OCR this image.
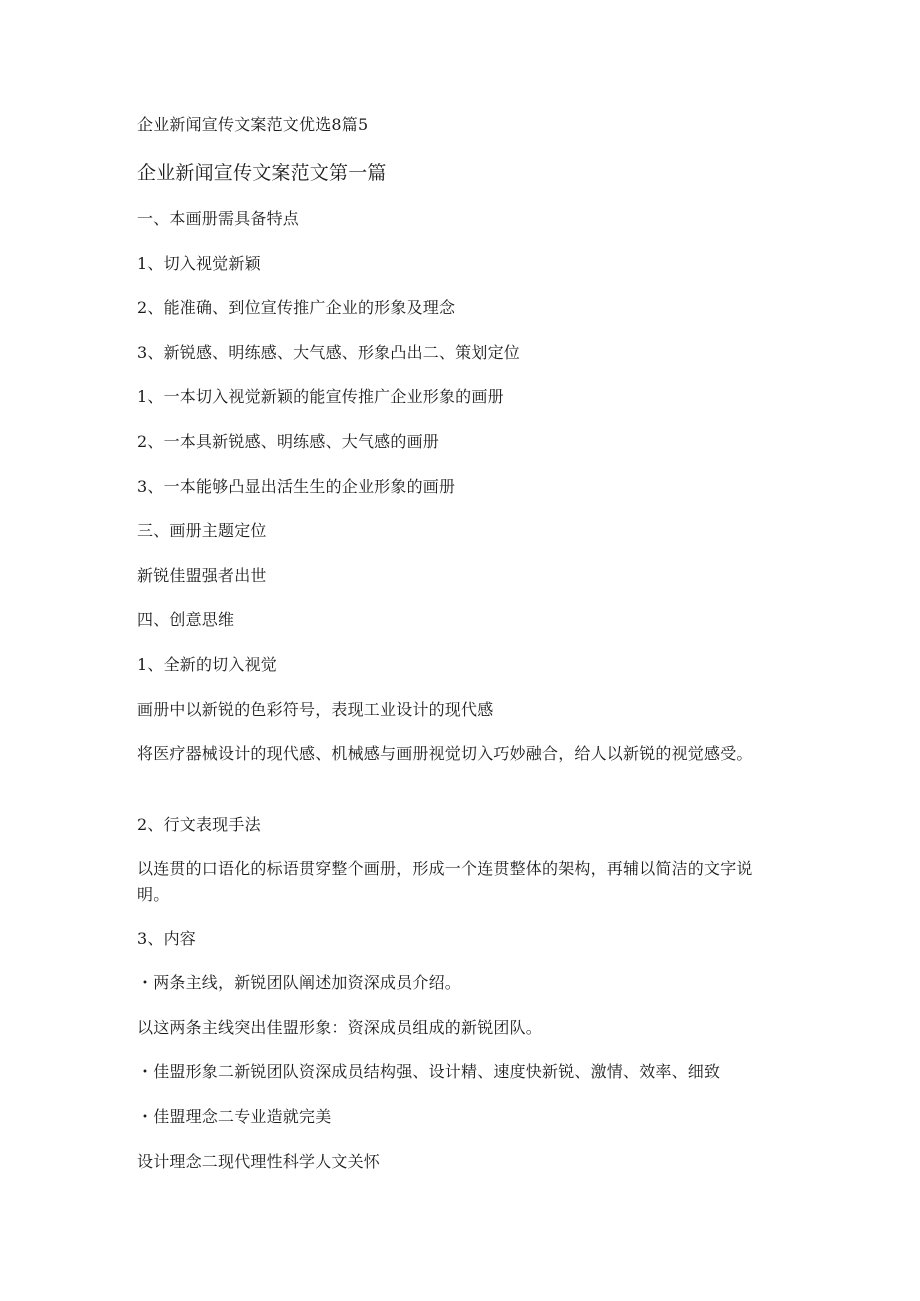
企业新闻宣传文案范文优选8篇5
企业新闻宣传文案范文第一篇
一、本画册需具备特点
1、切入视觉新颖
2、能准确、到位宣传推广企业的形象及理念
3、新锐感、明练感、大气感、形象凸出二、策划定位
1、一本切入视觉新颖的能宣传推广企业形象的画册
2、一本具新锐感、明练感、大气感的画册
3、一本能够凸显出活生生的企业形象的画册
三、画册主题定位
新锐佳盟强者出世
四、创意思维
1、全新的切入视觉
画册中以新锐的色彩符号，表现工业设计的现代感
将医疗器械设计的现代感、机械感与画册视觉切入巧妙融合，给人以新锐的视觉感受。
2、行文表现手法
以连贯的口语化的标语贯穿整个画册，形成一个连贯整体的架构，再辅以简洁的文字说明。
3、内容
・两条主线，新锐团队阐述加资深成员介绍。
以这两条主线突出佳盟形象：资深成员组成的新锐团队。
・佳盟形象二新锐团队资深成员结构强、设计精、速度快新锐、激情、效率、细致
・佳盟理念二专业造就完美
设计理念二现代理性科学人文关怀
